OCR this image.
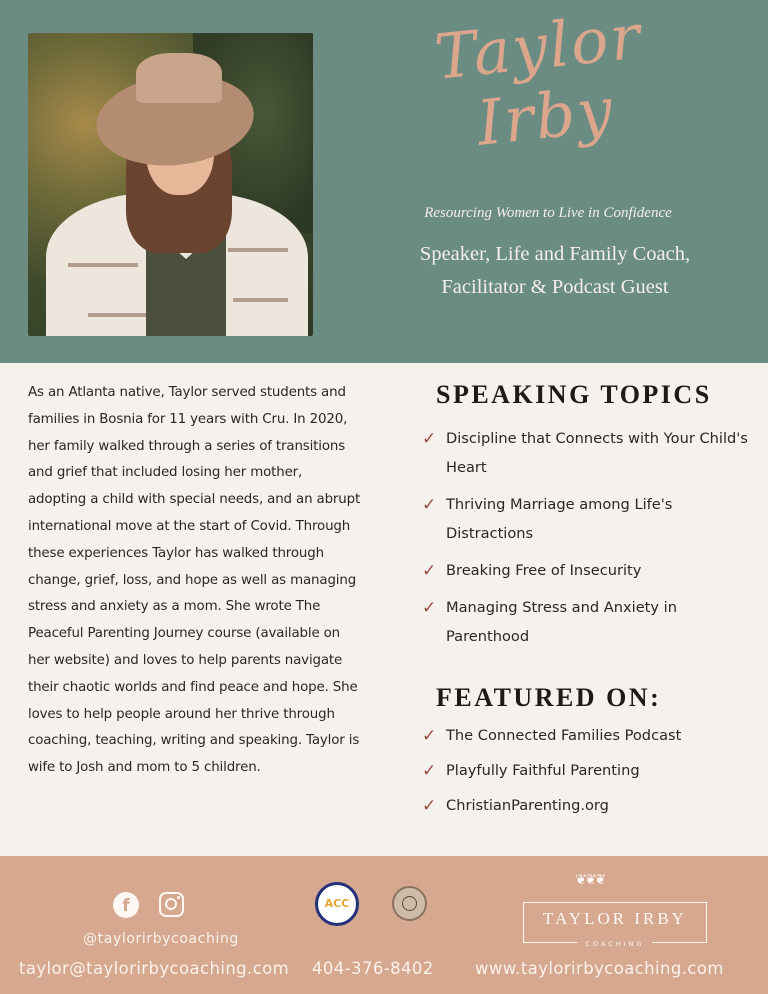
Taylor Irby
Resourcing Women to Live in Confidence
Speaker, Life and Family Coach,
Facilitator & Podcast Guest

As an Atlanta native, Taylor served students and families in Bosnia for 11 years with Cru. In 2020, her family walked through a series of transitions and grief that included losing her mother, adopting a child with special needs, and an abrupt international move at the start of Covid. Through these experiences Taylor has walked through change, grief, loss, and hope as well as managing stress and anxiety as a mom. She wrote The Peaceful Parenting Journey course (available on her website) and loves to help parents navigate their chaotic worlds and find peace and hope. She loves to help people around her thrive through coaching, teaching, writing and speaking. Taylor is wife to Josh and mom to 5 children.

SPEAKING TOPICS
✓ Discipline that Connects with Your Child's Heart
✓ Thriving Marriage among Life's Distractions
✓ Breaking Free of Insecurity
✓ Managing Stress and Anxiety in Parenthood
FEATURED ON:
✓ The Connected Families Podcast
✓ Playfully Faithful Parenting
✓ ChristianParenting.org
f
@taylorirbycoaching
ACC
❦❦❦
TAYLOR IRBY
COACHING
taylor@taylorirbycoaching.com 404-376-8402	www.taylorirbycoaching.com
